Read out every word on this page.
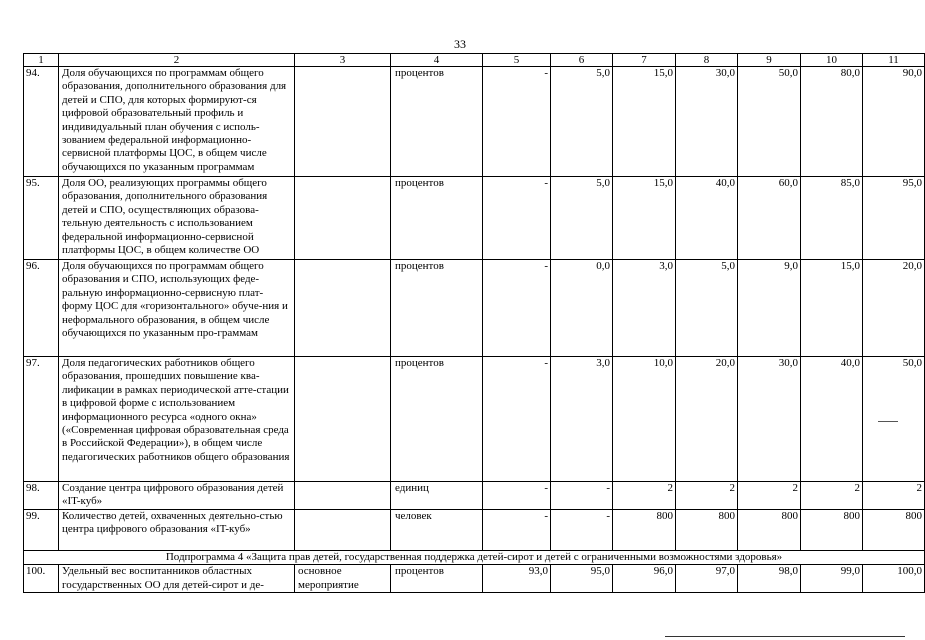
33
1	2	3	4	5	6	7	8	9	10	11
94.	Доля обучающихся по программам общего образования, дополнительного образования для детей и СПО, для которых формируют-ся цифровой образовательный профиль и индивидуальный план обучения с исполь-зованием федеральной информационно-сервисной платформы ЦОС, в общем числе обучающихся по указанным программам		процентов	-	5,0	15,0	30,0	50,0	80,0	90,0
95.	Доля ОО, реализующих программы общего образования, дополнительного образования детей и СПО, осуществляющих образова-тельную деятельность с использованием федеральной информационно-сервисной платформы ЦОС, в общем количестве ОО		процентов	-	5,0	15,0	40,0	60,0	85,0	95,0
96.	Доля обучающихся по программам общего образования и СПО, использующих феде-ральную информационно-сервисную плат-форму ЦОС для «горизонтального» обуче-ния и неформального образования, в общем числе обучающихся по указанным про-граммам		процентов	-	0,0	3,0	5,0	9,0	15,0	20,0
97.	Доля педагогических работников общего образования, прошедших повышение ква-лификации в рамках периодической атте-стации в цифровой форме с использованием информационного ресурса «одного окна» («Современная цифровая образовательная среда в Российской Федерации»), в общем числе педагогических работников общего образования		процентов	-	3,0	10,0	20,0	30,0	40,0	50,0
98.	Создание центра цифрового образования детей «IT-куб»		единиц	-	-	2	2	2	2	2
99.	Количество детей, охваченных деятельно-стью центра цифрового образования «IT-куб»		человек	-	-	800	800	800	800	800
Подпрограмма 4 «Защита прав детей, государственная поддержка детей-сирот и детей с ограниченными возможностями здоровья»										
100.	Удельный вес воспитанников областных государственных ОО для детей-сирот и де-	основное мероприятие	процентов	93,0	95,0	96,0	97,0	98,0	99,0	100,0
